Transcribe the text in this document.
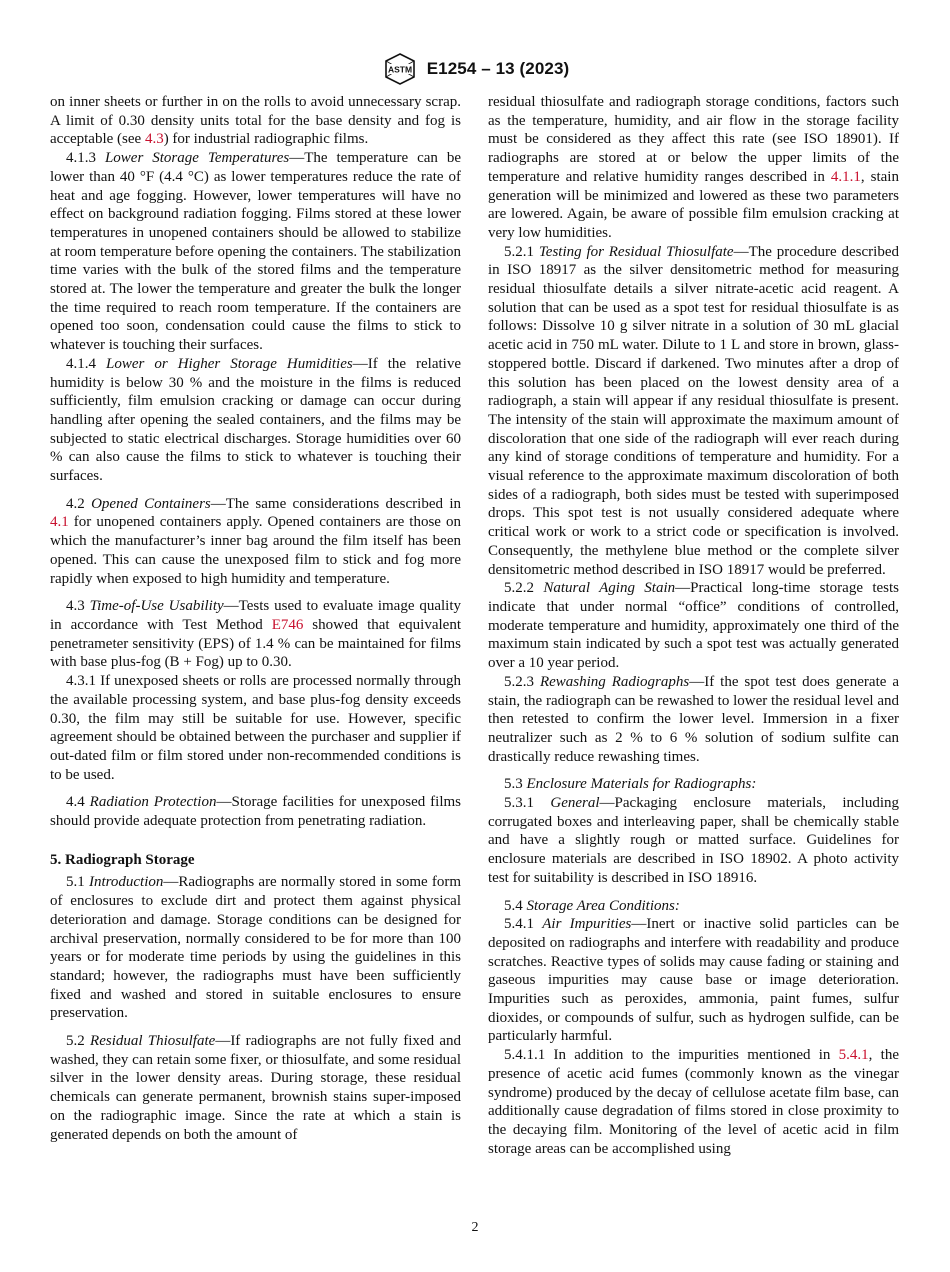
ASTM E1254 – 13 (2023)

on inner sheets or further in on the rolls to avoid unnecessary scrap. A limit of 0.30 density units total for the base density and fog is acceptable (see 4.3) for industrial radiographic films.

4.1.3 Lower Storage Temperatures—The temperature can be lower than 40 °F (4.4 °C) as lower temperatures reduce the rate of heat and age fogging. However, lower temperatures will have no effect on background radiation fogging. Films stored at these lower temperatures in unopened containers should be allowed to stabilize at room temperature before opening the containers. The stabilization time varies with the bulk of the stored films and the temperature stored at. The lower the temperature and greater the bulk the longer the time required to reach room temperature. If the containers are opened too soon, condensation could cause the films to stick to whatever is touching their surfaces.

4.1.4 Lower or Higher Storage Humidities—If the relative humidity is below 30 % and the moisture in the films is reduced sufficiently, film emulsion cracking or damage can occur during handling after opening the sealed containers, and the films may be subjected to static electrical discharges. Storage humidities over 60 % can also cause the films to stick to whatever is touching their surfaces.

4.2 Opened Containers—The same considerations described in 4.1 for unopened containers apply. Opened containers are those on which the manufacturer’s inner bag around the film itself has been opened. This can cause the unexposed film to stick and fog more rapidly when exposed to high humidity and temperature.

4.3 Time-of-Use Usability—Tests used to evaluate image quality in accordance with Test Method E746 showed that equivalent penetrameter sensitivity (EPS) of 1.4 % can be maintained for films with base plus-fog (B + Fog) up to 0.30.

4.3.1 If unexposed sheets or rolls are processed normally through the available processing system, and base plus-fog density exceeds 0.30, the film may still be suitable for use. However, specific agreement should be obtained between the purchaser and supplier if out-dated film or film stored under non-recommended conditions is to be used.

4.4 Radiation Protection—Storage facilities for unexposed films should provide adequate protection from penetrating radiation.

5. Radiograph Storage

5.1 Introduction—Radiographs are normally stored in some form of enclosures to exclude dirt and protect them against physical deterioration and damage. Storage conditions can be designed for archival preservation, normally considered to be for more than 100 years or for moderate time periods by using the guidelines in this standard; however, the radiographs must have been sufficiently fixed and washed and stored in suitable enclosures to ensure preservation.

5.2 Residual Thiosulfate—If radiographs are not fully fixed and washed, they can retain some fixer, or thiosulfate, and some residual silver in the lower density areas. During storage, these residual chemicals can generate permanent, brownish stains super-imposed on the radiographic image. Since the rate at which a stain is generated depends on both the amount of

residual thiosulfate and radiograph storage conditions, factors such as the temperature, humidity, and air flow in the storage facility must be considered as they affect this rate (see ISO 18901). If radiographs are stored at or below the upper limits of the temperature and relative humidity ranges described in 4.1.1, stain generation will be minimized and lowered as these two parameters are lowered. Again, be aware of possible film emulsion cracking at very low humidities.

5.2.1 Testing for Residual Thiosulfate—The procedure described in ISO 18917 as the silver densitometric method for measuring residual thiosulfate details a silver nitrate-acetic acid reagent. A solution that can be used as a spot test for residual thiosulfate is as follows: Dissolve 10 g silver nitrate in a solution of 30 mL glacial acetic acid in 750 mL water. Dilute to 1 L and store in brown, glass-stoppered bottle. Discard if darkened. Two minutes after a drop of this solution has been placed on the lowest density area of a radiograph, a stain will appear if any residual thiosulfate is present. The intensity of the stain will approximate the maximum amount of discoloration that one side of the radiograph will ever reach during any kind of storage conditions of temperature and humidity. For a visual reference to the approximate maximum discoloration of both sides of a radiograph, both sides must be tested with superimposed drops. This spot test is not usually considered adequate where critical work or work to a strict code or specification is involved. Consequently, the methylene blue method or the complete silver densitometric method described in ISO 18917 would be preferred.

5.2.2 Natural Aging Stain—Practical long-time storage tests indicate that under normal “office” conditions of controlled, moderate temperature and humidity, approximately one third of the maximum stain indicated by such a spot test was actually generated over a 10 year period.

5.2.3 Rewashing Radiographs—If the spot test does generate a stain, the radiograph can be rewashed to lower the residual level and then retested to confirm the lower level. Immersion in a fixer neutralizer such as 2 % to 6 % solution of sodium sulfite can drastically reduce rewashing times.

5.3 Enclosure Materials for Radiographs:

5.3.1 General—Packaging enclosure materials, including corrugated boxes and interleaving paper, shall be chemically stable and have a slightly rough or matted surface. Guidelines for enclosure materials are described in ISO 18902. A photo activity test for suitability is described in ISO 18916.

5.4 Storage Area Conditions:

5.4.1 Air Impurities—Inert or inactive solid particles can be deposited on radiographs and interfere with readability and produce scratches. Reactive types of solids may cause fading or staining and gaseous impurities may cause base or image deterioration. Impurities such as peroxides, ammonia, paint fumes, sulfur dioxides, or compounds of sulfur, such as hydrogen sulfide, can be particularly harmful.

5.4.1.1 In addition to the impurities mentioned in 5.4.1, the presence of acetic acid fumes (commonly known as the vinegar syndrome) produced by the decay of cellulose acetate film base, can additionally cause degradation of films stored in close proximity to the decaying film. Monitoring of the level of acetic acid in film storage areas can be accomplished using

2
